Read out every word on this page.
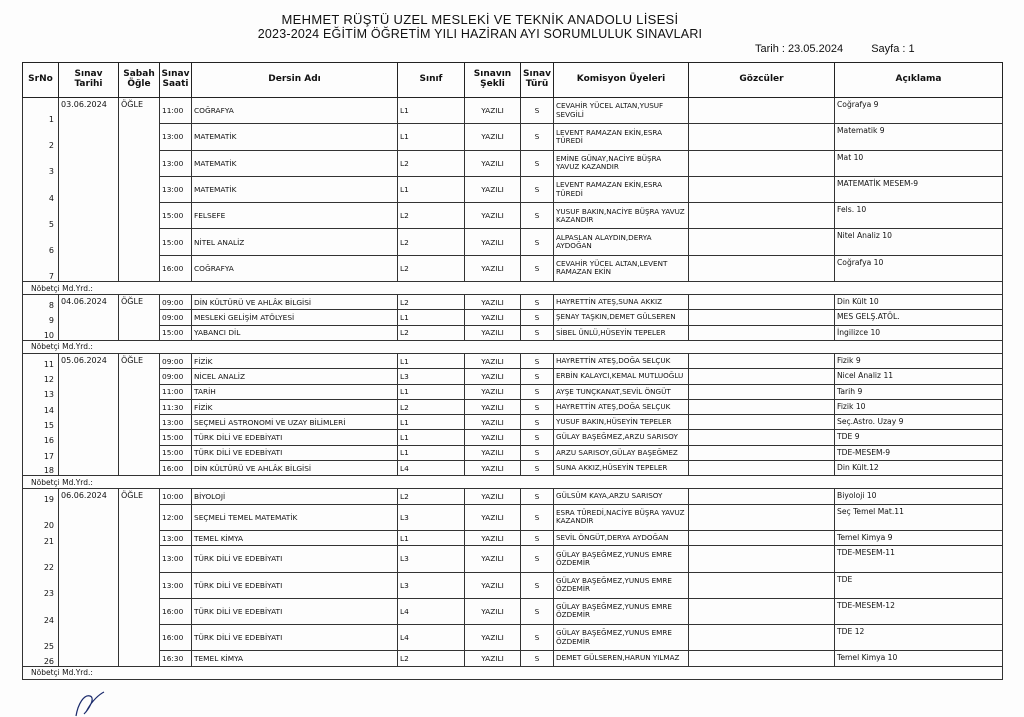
MEHMET RÜŞTÜ UZEL MESLEKİ VE TEKNİK ANADOLU LİSESİ
2023-2024 EĞİTİM ÖĞRETİM YILI HAZİRAN AYI SORUMLULUK SINAVLARI
Tarih : 23.05.2024	Sayfa : 1
SrNo	Sınav Tarihi	Sabah Öğle	Sınav Saati	Dersin Adı	Sınıf	Sınavın Şekli	Sınav Türü	Komisyon Üyeleri	Gözcüler	Açıklama
1	03.06.2024	ÖĞLE	11:00	COĞRAFYA	L1	YAZILI	S	CEVAHİR YÜCEL ALTAN,YUSUF SEVGİLİ		Coğrafya 9
2			13:00	MATEMATİK	L1	YAZILI	S	LEVENT RAMAZAN EKİN,ESRA TÜREDİ		Matematik 9
3			13:00	MATEMATİK	L2	YAZILI	S	EMİNE GÜNAY,NACİYE BÜŞRA YAVUZ KAZANDIR		Mat 10
4			13:00	MATEMATİK	L1	YAZILI	S	LEVENT RAMAZAN EKİN,ESRA TÜREDİ		MATEMATİK MESEM-9
5			15:00	FELSEFE	L2	YAZILI	S	YUSUF BAKIN,NACİYE BÜŞRA YAVUZ KAZANDIR		Fels. 10
6			15:00	NİTEL ANALİZ	L2	YAZILI	S	ALPASLAN ALAYDIN,DERYA AYDOĞAN		Nitel Analiz 10
7			16:00	COĞRAFYA	L2	YAZILI	S	CEVAHİR YÜCEL ALTAN,LEVENT RAMAZAN EKİN		Coğrafya 10
Nöbetçi Md.Yrd.:										
8	04.06.2024	ÖĞLE	09:00	DİN KÜLTÜRÜ VE AHLÂK BİLGİSİ	L2	YAZILI	S	HAYRETTİN ATEŞ,SUNA AKKIZ		Din Kült 10
9			09:00	MESLEKİ GELİŞİM ATÖLYESİ	L1	YAZILI	S	ŞENAY TAŞKIN,DEMET GÜLSEREN		MES GELŞ.ATÖL.
10			15:00	YABANCI DİL	L2	YAZILI	S	SİBEL ÜNLÜ,HÜSEYİN TEPELER		İngilizce 10
Nöbetçi Md.Yrd.:										
11	05.06.2024	ÖĞLE	09:00	FİZİK	L1	YAZILI	S	HAYRETTİN ATEŞ,DOĞA SELÇUK		Fizik 9
12			09:00	NİCEL ANALİZ	L3	YAZILI	S	ERBİN KALAYCI,KEMAL MUTLUOĞLU		Nicel Analiz 11
13			11:00	TARİH	L1	YAZILI	S	AYŞE TUNÇKANAT,SEVİL ÖNGÜT		Tarih 9
14			11:30	FİZİK	L2	YAZILI	S	HAYRETTİN ATEŞ,DOĞA SELÇUK		Fizik 10
15			13:00	SEÇMELİ ASTRONOMİ VE UZAY BİLİMLERİ	L1	YAZILI	S	YUSUF BAKIN,HÜSEYİN TEPELER		Seç.Astro. Uzay 9
16			15:00	TÜRK DİLİ VE EDEBİYATI	L1	YAZILI	S	GÜLAY BAŞEĞMEZ,ARZU SARISOY		TDE 9
17			15:00	TÜRK DİLİ VE EDEBİYATI	L1	YAZILI	S	ARZU SARISOY,GÜLAY BAŞEĞMEZ		TDE-MESEM-9
18			16:00	DİN KÜLTÜRÜ VE AHLÂK BİLGİSİ	L4	YAZILI	S	SUNA AKKIZ,HÜSEYİN TEPELER		Din Kült.12
Nöbetçi Md.Yrd.:										
19	06.06.2024	ÖĞLE	10:00	BİYOLOJİ	L2	YAZILI	S	GÜLSÜM KAYA,ARZU SARISOY		Biyoloji 10
20			12:00	SEÇMELİ TEMEL MATEMATİK	L3	YAZILI	S	ESRA TÜREDİ,NACİYE BÜŞRA YAVUZ KAZANDIR		Seç Temel Mat.11
21			13:00	TEMEL KİMYA	L1	YAZILI	S	SEVİL ÖNGÜT,DERYA AYDOĞAN		Temel Kimya 9
22			13:00	TÜRK DİLİ VE EDEBİYATI	L3	YAZILI	S	GÜLAY BAŞEĞMEZ,YUNUS EMRE ÖZDEMİR		TDE-MESEM-11
23			13:00	TÜRK DİLİ VE EDEBİYATI	L3	YAZILI	S	GÜLAY BAŞEĞMEZ,YUNUS EMRE ÖZDEMİR		TDE
24			16:00	TÜRK DİLİ VE EDEBİYATI	L4	YAZILI	S	GÜLAY BAŞEĞMEZ,YUNUS EMRE ÖZDEMİR		TDE-MESEM-12
25			16:00	TÜRK DİLİ VE EDEBİYATI	L4	YAZILI	S	GÜLAY BAŞEĞMEZ,YUNUS EMRE ÖZDEMİR		TDE 12
26			16:30	TEMEL KİMYA	L2	YAZILI	S	DEMET GÜLSEREN,HARUN YILMAZ		Temel Kimya 10
Nöbetçi Md.Yrd.:										
